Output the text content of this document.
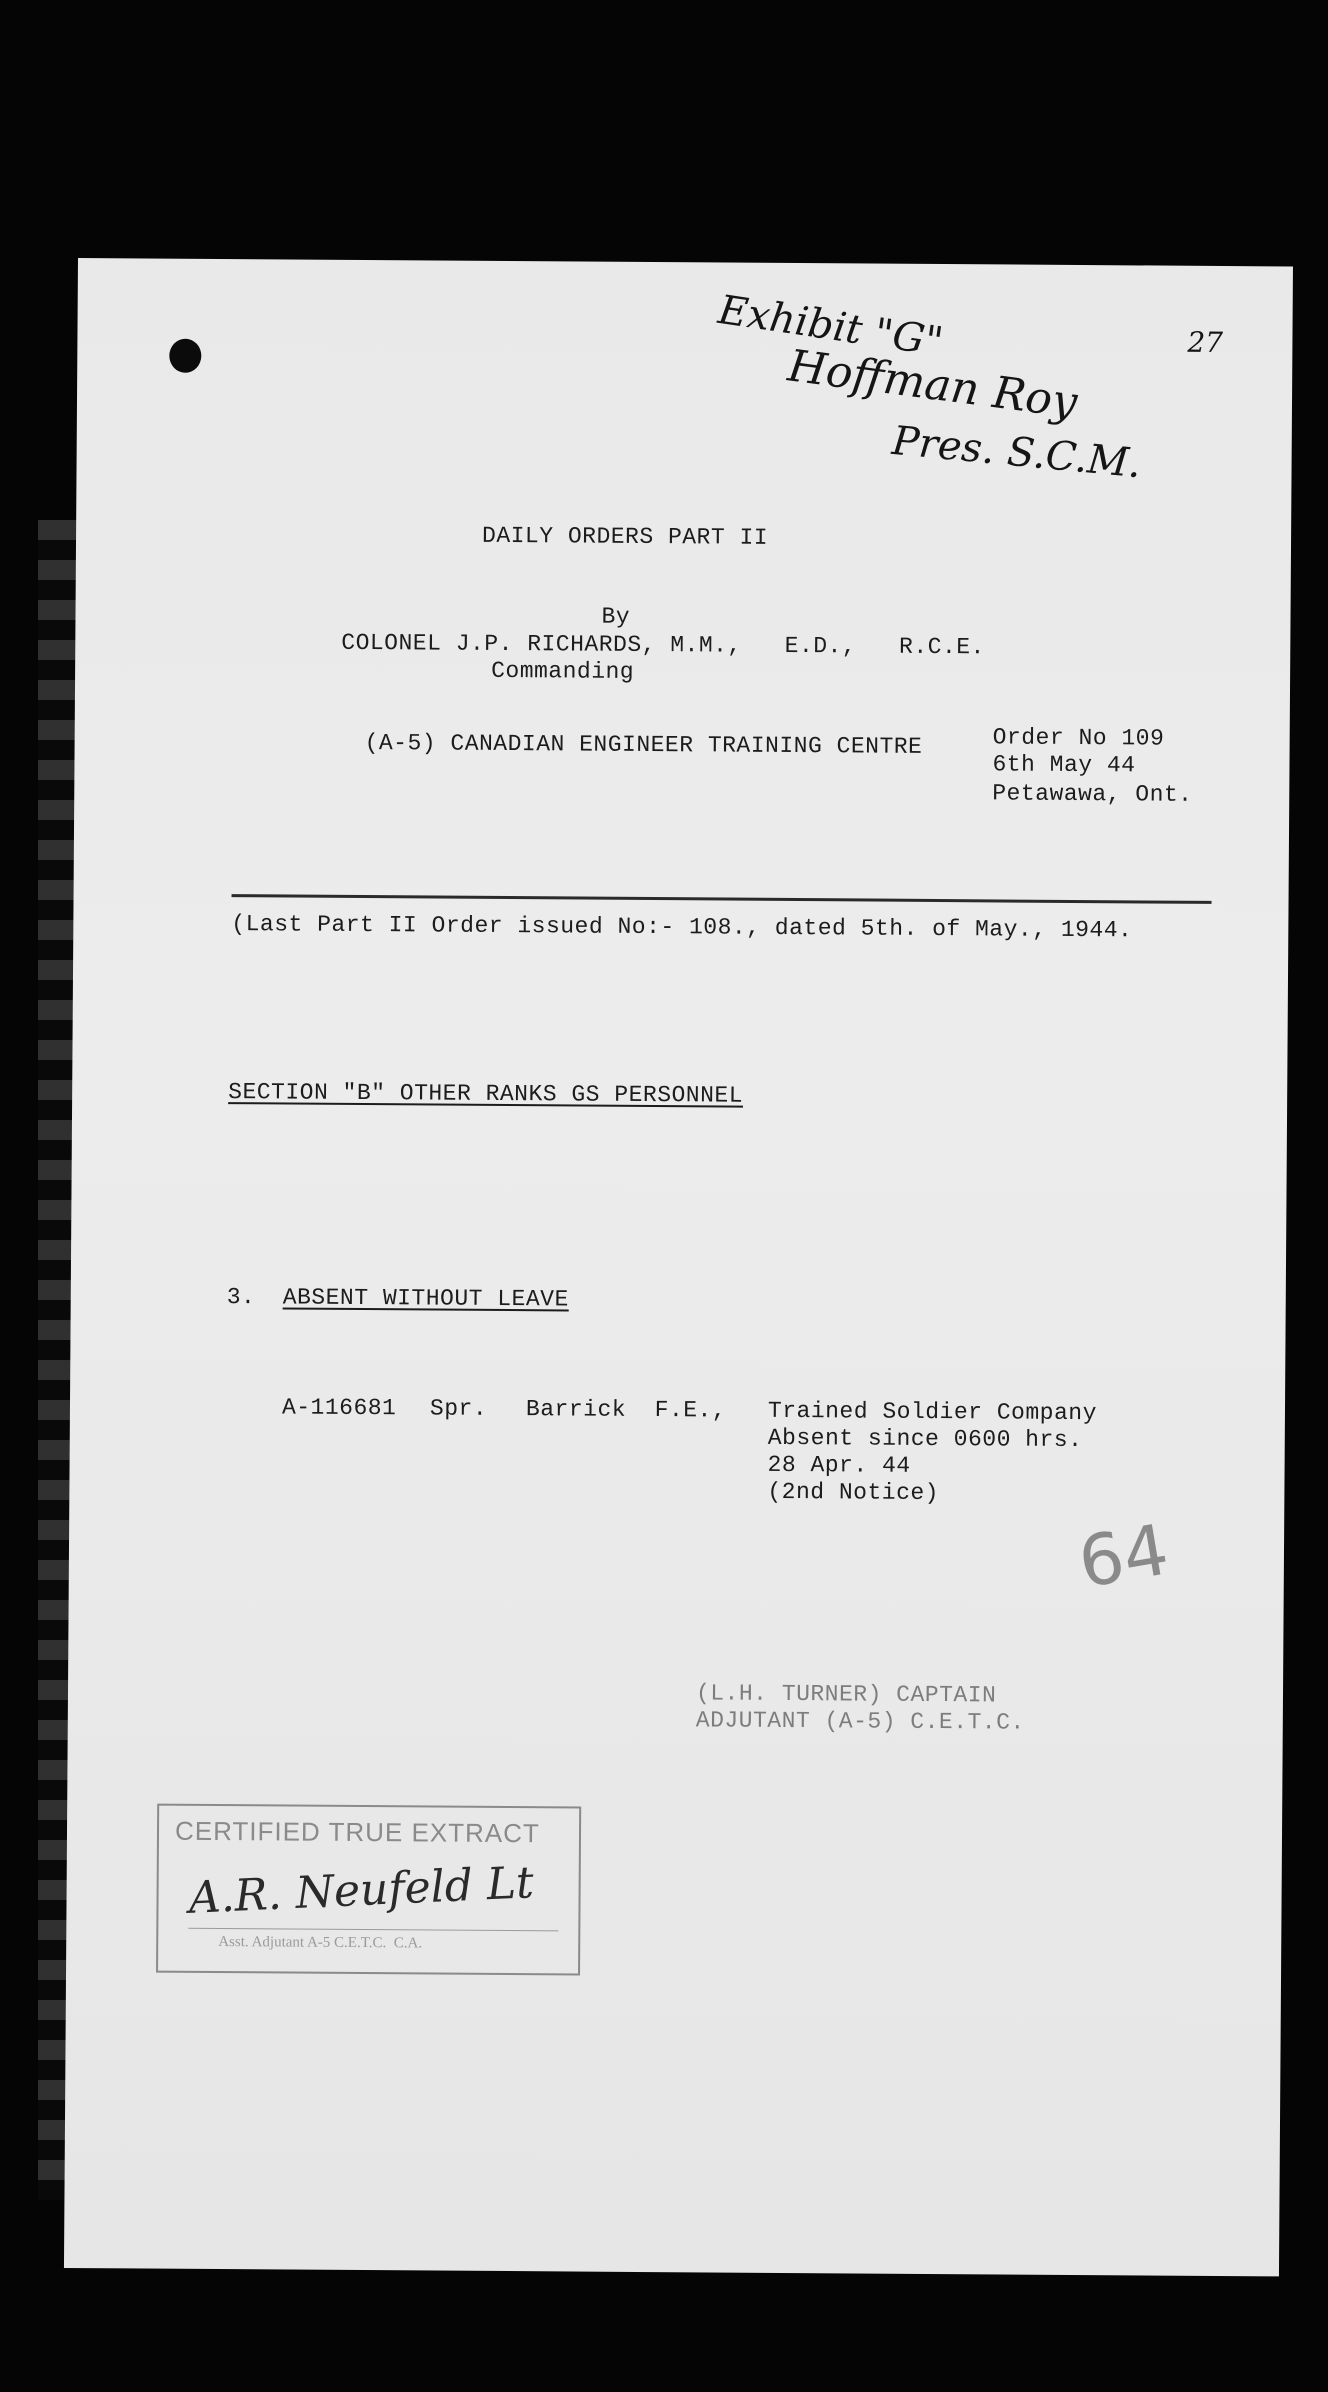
Exhibit "G"
Hoffman Roy
Pres. S.C.M.
27
DAILY ORDERS PART II
By
COLONEL J.P. RICHARDS, M.M.,   E.D.,   R.C.E.
Commanding
(A-5) CANADIAN ENGINEER TRAINING CENTRE	Order No 109
6th May 44
Petawawa, Ont.
(Last Part II Order issued No:- 108., dated 5th. of May., 1944.
SECTION "B" OTHER RANKS GS PERSONNEL
3. ABSENT WITHOUT LEAVE
A-116681 Spr. Barrick  F.E., Trained Soldier Company
Absent since 0600 hrs.
28 Apr. 44
(2nd Notice)
64
(L.H. TURNER) CAPTAIN
ADJUTANT (A-5) C.E.T.C.
CERTIFIED TRUE EXTRACT
A.R. Neufeld Lt
Asst. Adjutant A-5 C.E.T.C.  C.A.
